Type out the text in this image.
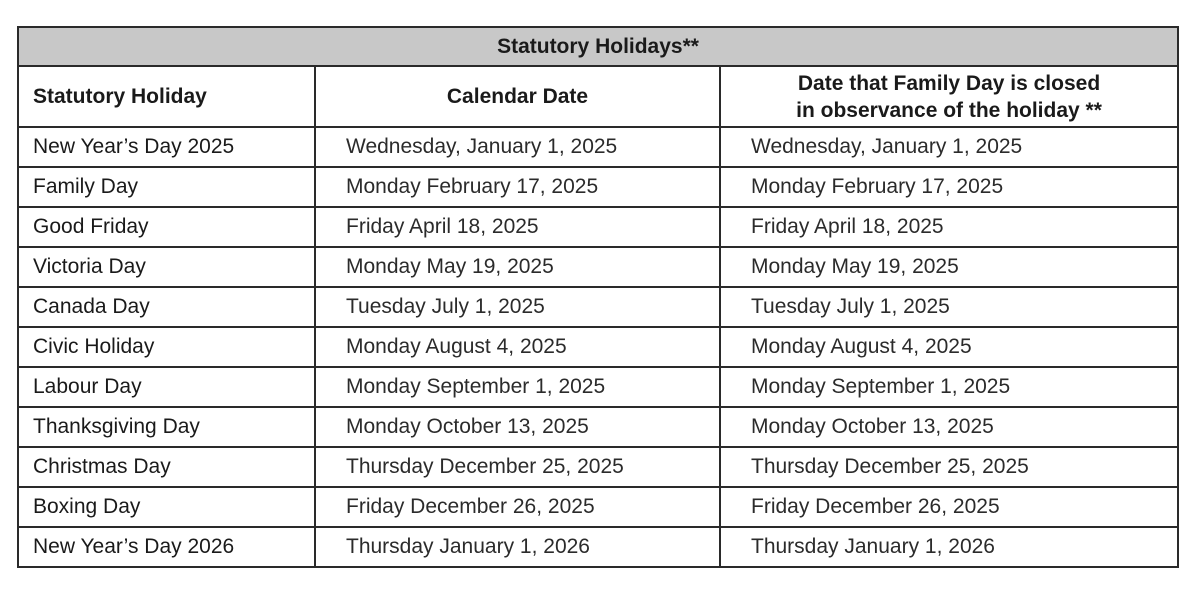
Statutory Holidays**		
Statutory Holiday	Calendar Date	Date that Family Day is closed
in observance of the holiday **
New Year’s Day 2025	Wednesday, January 1, 2025	Wednesday, January 1, 2025
Family Day	Monday February 17, 2025	Monday February 17, 2025
Good Friday	Friday April 18, 2025	Friday April 18, 2025
Victoria Day	Monday May 19, 2025	Monday May 19, 2025
Canada Day	Tuesday July 1, 2025	Tuesday July 1, 2025
Civic Holiday	Monday August 4, 2025	Monday August 4, 2025
Labour Day	Monday September 1, 2025	Monday September 1, 2025
Thanksgiving Day	Monday October 13, 2025	Monday October 13, 2025
Christmas Day	Thursday December 25, 2025	Thursday December 25, 2025
Boxing Day	Friday December 26, 2025	Friday December 26, 2025
New Year’s Day 2026	Thursday January 1, 2026	Thursday January 1, 2026
